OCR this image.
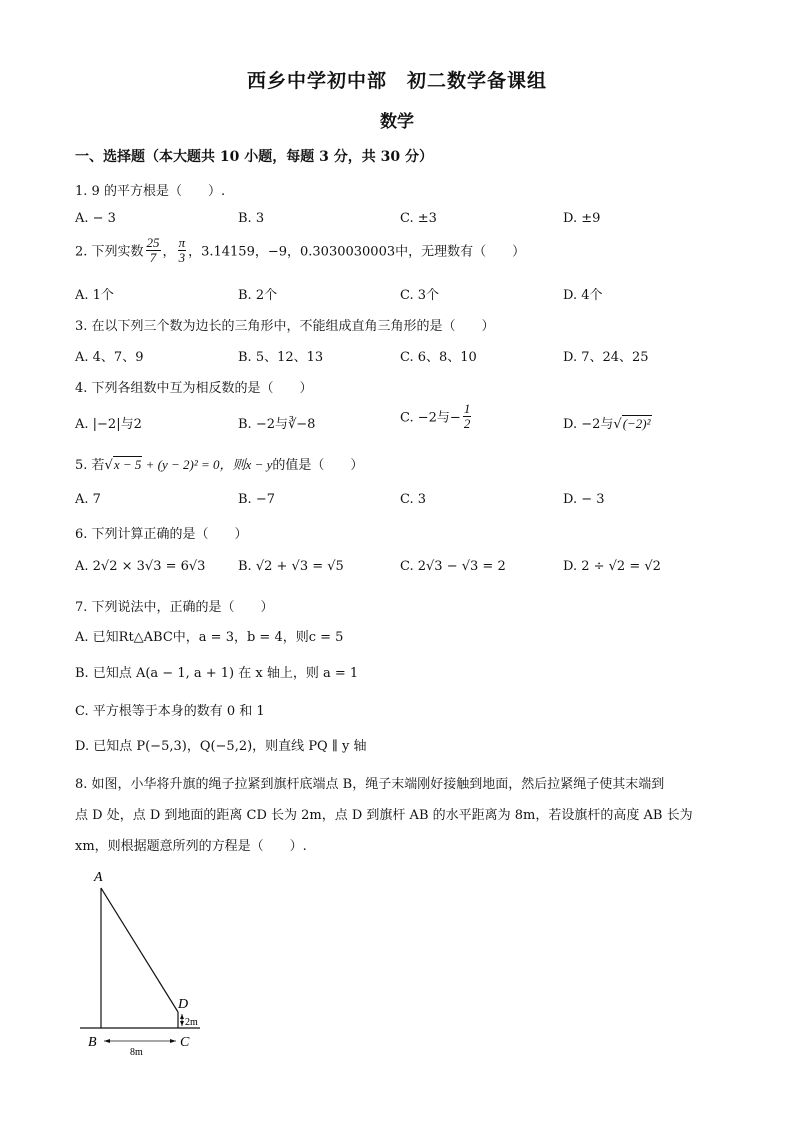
西乡中学初中部　初二数学备课组
数学
一、选择题（本大题共 10 小题，每题 3 分，共 30 分）
1. 9 的平方根是（　　）.
A. − 3	B. 3	C. ±3	D. ±9
2. 下列实数 $\frac{25}{7}$ ， $\frac{\pi}{3}$ ，3.14159，−9，0.3030030003中，无理数有（　　）
A. 1个	B. 2个	C. 3个	D. 4个
3. 在以下列三个数为边长的三角形中，不能组成直角三角形的是（　　）
A. 4、7、9	B. 5、12、13	C. 6、8、10	D. 7、24、25
4. 下列各组数中互为相反数的是（　　）
A. |−2|与2	B. −2与∛−8	C. −2与− $\frac{1}{2}$	D. −2与√(−2)²
5. 若√x − 5 + (y − 2)² = 0，则x − y的值是（　　）
A. 7	B. −7	C. 3	D. − 3
6. 下列计算正确的是（　　）
A. 2√2 × 3√3 = 6√3	B. √2 + √3 = √5	C. 2√3 − √3 = 2	D. 2 ÷ √2 = √2
7. 下列说法中，正确的是（　　）
A. 已知Rt△ABC中，a = 3，b = 4，则c = 5
B. 已知点 A(a − 1, a + 1) 在 x 轴上，则 a = 1
C. 平方根等于本身的数有 0 和 1
D. 已知点 P(−5,3)，Q(−5,2)，则直线 PQ ∥ y 轴
8. 如图，小华将升旗的绳子拉紧到旗杆底端点 B，绳子末端刚好接触到地面，然后拉紧绳子使其末端到
点 D 处，点 D 到地面的距离 CD 长为 2m，点 D 到旗杆 AB 的水平距离为 8m，若设旗杆的高度 AB 长为
xm，则根据题意所列的方程是（　　）.
A
B	C
D
2m
8m
